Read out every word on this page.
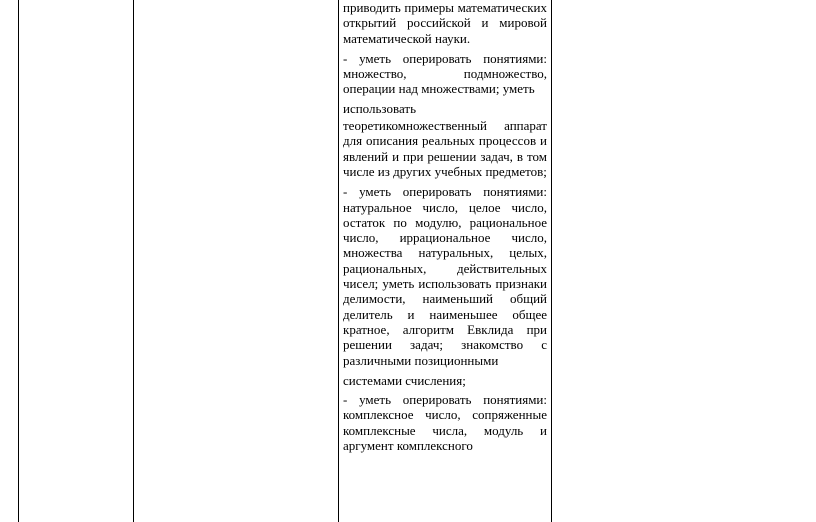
приводить примеры математических открытий российской и мировой математической науки.

- уметь оперировать понятиями: множество, подмножество, операции над множествами; уметь

использовать

теоретикомножественный аппарат для описания реальных процессов и явлений и при решении задач, в том числе из других учебных предметов;

- уметь оперировать понятиями: натуральное число, целое число, остаток по модулю, рациональное число, иррациональное число, множества натуральных, целых, рациональных, действительных чисел; уметь использовать признаки делимости, наименьший общий делитель и наименьшее общее кратное, алгоритм Евклида при решении задач; знакомство с различными позиционными

системами счисления;

- уметь оперировать понятиями: комплексное число, сопряженные комплексные числа, модуль и аргумент комплексного
